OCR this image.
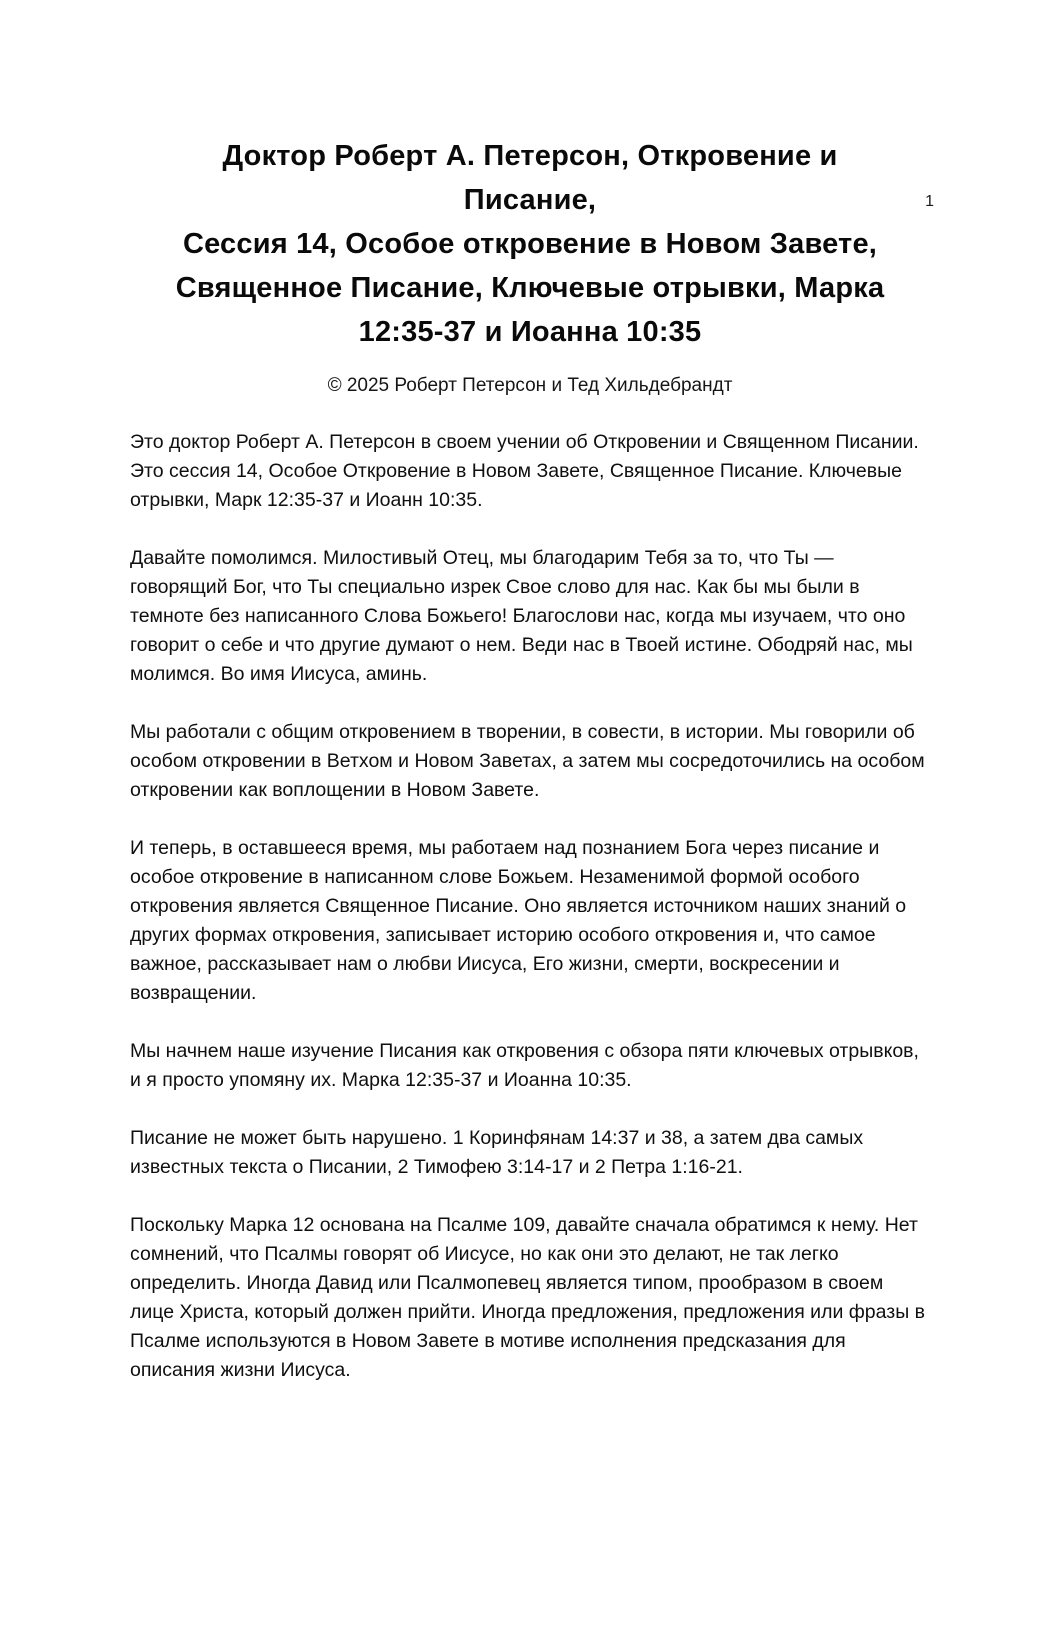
1
Доктор Роберт А. Петерсон, Откровение и
Писание,
Сессия 14, Особое откровение в Новом Завете,
Священное Писание, Ключевые отрывки, Марка
12:35-37 и Иоанна 10:35
© 2025 Роберт Петерсон и Тед Хильдебрандт

Это доктор Роберт А. Петерсон в своем учении об Откровении и Священном Писании. Это сессия 14, Особое Откровение в Новом Завете, Священное Писание. Ключевые отрывки, Марк 12:35-37 и Иоанн 10:35.

Давайте помолимся. Милостивый Отец, мы благодарим Тебя за то, что Ты — говорящий Бог, что Ты специально изрек Свое слово для нас. Как бы мы были в темноте без написанного Слова Божьего! Благослови нас, когда мы изучаем, что оно говорит о себе и что другие думают о нем. Веди нас в Твоей истине. Ободряй нас, мы молимся. Во имя Иисуса, аминь.

Мы работали с общим откровением в творении, в совести, в истории. Мы говорили об особом откровении в Ветхом и Новом Заветах, а затем мы сосредоточились на особом откровении как воплощении в Новом Завете.

И теперь, в оставшееся время, мы работаем над познанием Бога через писание и особое откровение в написанном слове Божьем. Незаменимой формой особого откровения является Священное Писание. Оно является источником наших знаний о других формах откровения, записывает историю особого откровения и, что самое важное, рассказывает нам о любви Иисуса, Его жизни, смерти, воскресении и возвращении.

Мы начнем наше изучение Писания как откровения с обзора пяти ключевых отрывков, и я просто упомяну их. Марка 12:35-37 и Иоанна 10:35.

Писание не может быть нарушено. 1 Коринфянам 14:37 и 38, а затем два самых известных текста о Писании, 2 Тимофею 3:14-17 и 2 Петра 1:16-21.

Поскольку Марка 12 основана на Псалме 109, давайте сначала обратимся к нему. Нет сомнений, что Псалмы говорят об Иисусе, но как они это делают, не так легко определить. Иногда Давид или Псалмопевец является типом, прообразом в своем лице Христа, который должен прийти. Иногда предложения, предложения или фразы в Псалме используются в Новом Завете в мотиве исполнения предсказания для описания жизни Иисуса.
